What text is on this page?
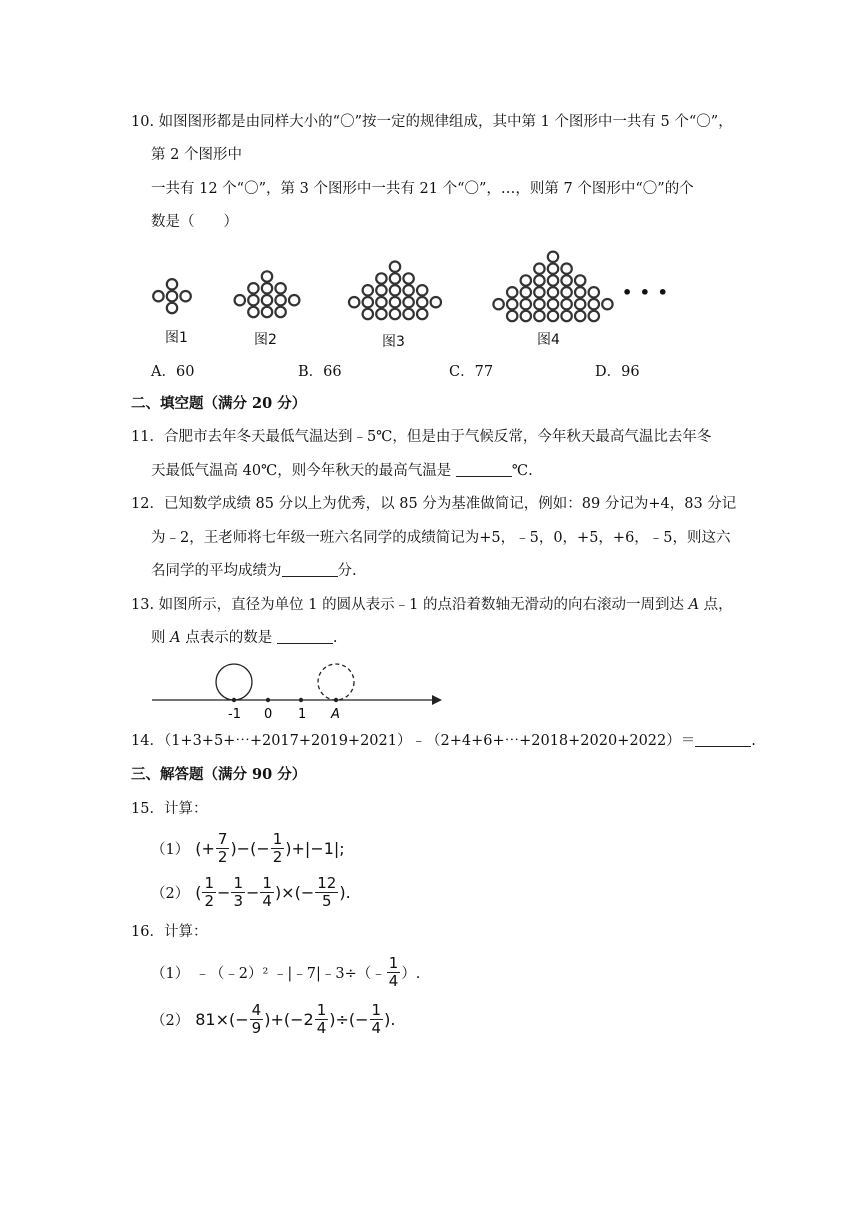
10. 如图图形都是由同样大小的“〇”按一定的规律组成，其中第 1 个图形中一共有 5 个“〇”，
第 2 个图形中
一共有 12 个“〇”，第 3 个图形中一共有 21 个“〇”，…，则第 7 个图形中“〇”的个
数是（　　）
图1	图2	图3	图4
• • •
A．60	B．66	C．77	D．96
二、填空题（满分 20 分）
11．合肥市去年冬天最低气温达到﹣5℃，但是由于气候反常，今年秋天最高气温比去年冬
天最低气温高 40℃，则今年秋天的最高气温是	℃.
12．已知数学成绩 85 分以上为优秀，以 85 分为基准做简记，例如：89 分记为+4，83 分记
为﹣2，王老师将七年级一班六名同学的成绩简记为+5，﹣5，0，+5，+6，﹣5，则这六
名同学的平均成绩为	分.
13. 如图所示，直径为单位 1 的圆从表示﹣1 的点沿着数轴无滑动的向右滚动一周到达 A 点，
则 A 点表示的数是	.
-1 0 1 A
14．（1+3+5+⋯+2017+2019+2021）﹣（2+4+6+⋯+2018+2020+2022）＝	.
三、解答题（满分 90 分）
15．计算：
（1） (+ $\frac{7}{2}$ )−(− $\frac{1}{2} )+|-1|$;
（2） ( $\frac{1}{2} - \frac{1}{3} - \frac{1}{4}$ )×(− $\frac{12}{5}$ ).
16．计算：
（1） ﹣（﹣2）² ﹣|﹣7|﹣3÷（﹣ $\frac{1}{4}$ ）.
（2） $81\times(- \frac{4}{9} )+(-2 \frac{1}{4}$ )÷(− $\frac{1}{4}$ ).
